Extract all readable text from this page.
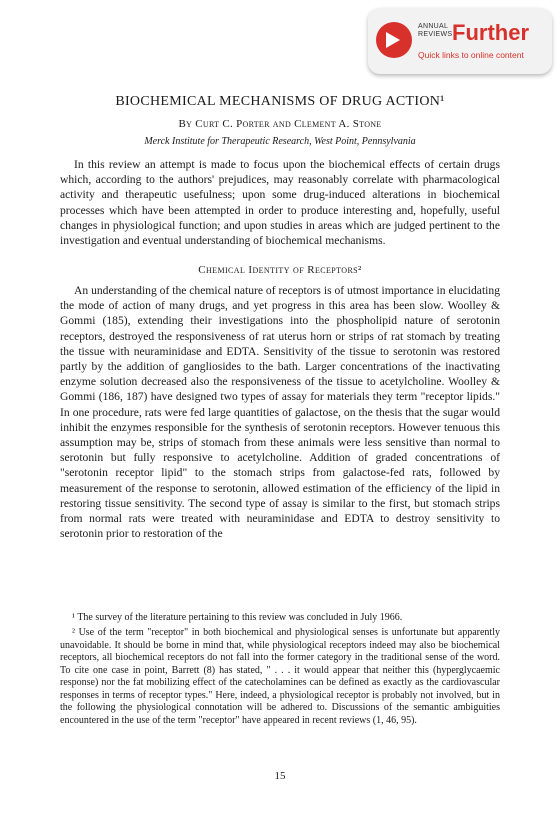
ANNUAL REVIEWS Further
Quick links to online content
BIOCHEMICAL MECHANISMS OF DRUG ACTION¹
By Curt C. Porter and Clement A. Stone
Merck Institute for Therapeutic Research, West Point, Pennsylvania

In this review an attempt is made to focus upon the biochemical effects of certain drugs which, according to the authors' prejudices, may reasonably correlate with pharmacological activity and therapeutic usefulness; upon some drug-induced alterations in biochemical processes which have been attempted in order to produce interesting and, hopefully, useful changes in physiological function; and upon studies in areas which are judged pertinent to the investigation and eventual understanding of biochemical mechanisms.

Chemical Identity of Receptors²

An understanding of the chemical nature of receptors is of utmost importance in elucidating the mode of action of many drugs, and yet progress in this area has been slow. Woolley & Gommi (185), extending their investigations into the phospholipid nature of serotonin receptors, destroyed the responsiveness of rat uterus horn or strips of rat stomach by treating the tissue with neuraminidase and EDTA. Sensitivity of the tissue to serotonin was restored partly by the addition of gangliosides to the bath. Larger concentrations of the inactivating enzyme solution decreased also the responsiveness of the tissue to acetylcholine. Woolley & Gommi (186, 187) have designed two types of assay for materials they term "receptor lipids." In one procedure, rats were fed large quantities of galactose, on the thesis that the sugar would inhibit the enzymes responsible for the synthesis of serotonin receptors. However tenuous this assumption may be, strips of stomach from these animals were less sensitive than normal to serotonin but fully responsive to acetylcholine. Addition of graded concentrations of "serotonin receptor lipid" to the stomach strips from galactose-fed rats, followed by measurement of the response to serotonin, allowed estimation of the efficiency of the lipid in restoring tissue sensitivity. The second type of assay is similar to the first, but stomach strips from normal rats were treated with neuraminidase and EDTA to destroy sensitivity to serotonin prior to restoration of the

¹ The survey of the literature pertaining to this review was concluded in July 1966.

² Use of the term "receptor" in both biochemical and physiological senses is unfortunate but apparently unavoidable. It should be borne in mind that, while physiological receptors indeed may also be biochemical receptors, all biochemical receptors do not fall into the former category in the traditional sense of the word. To cite one case in point, Barrett (8) has stated, " . . . it would appear that neither this (hyperglycaemic response) nor the fat mobilizing effect of the catecholamines can be defined as exactly as the cardiovascular responses in terms of receptor types." Here, indeed, a physiological receptor is probably not involved, but in the following the physiological connotation will be adhered to. Discussions of the semantic ambiguities encountered in the use of the term "receptor" have appeared in recent reviews (1, 46, 95).

15
